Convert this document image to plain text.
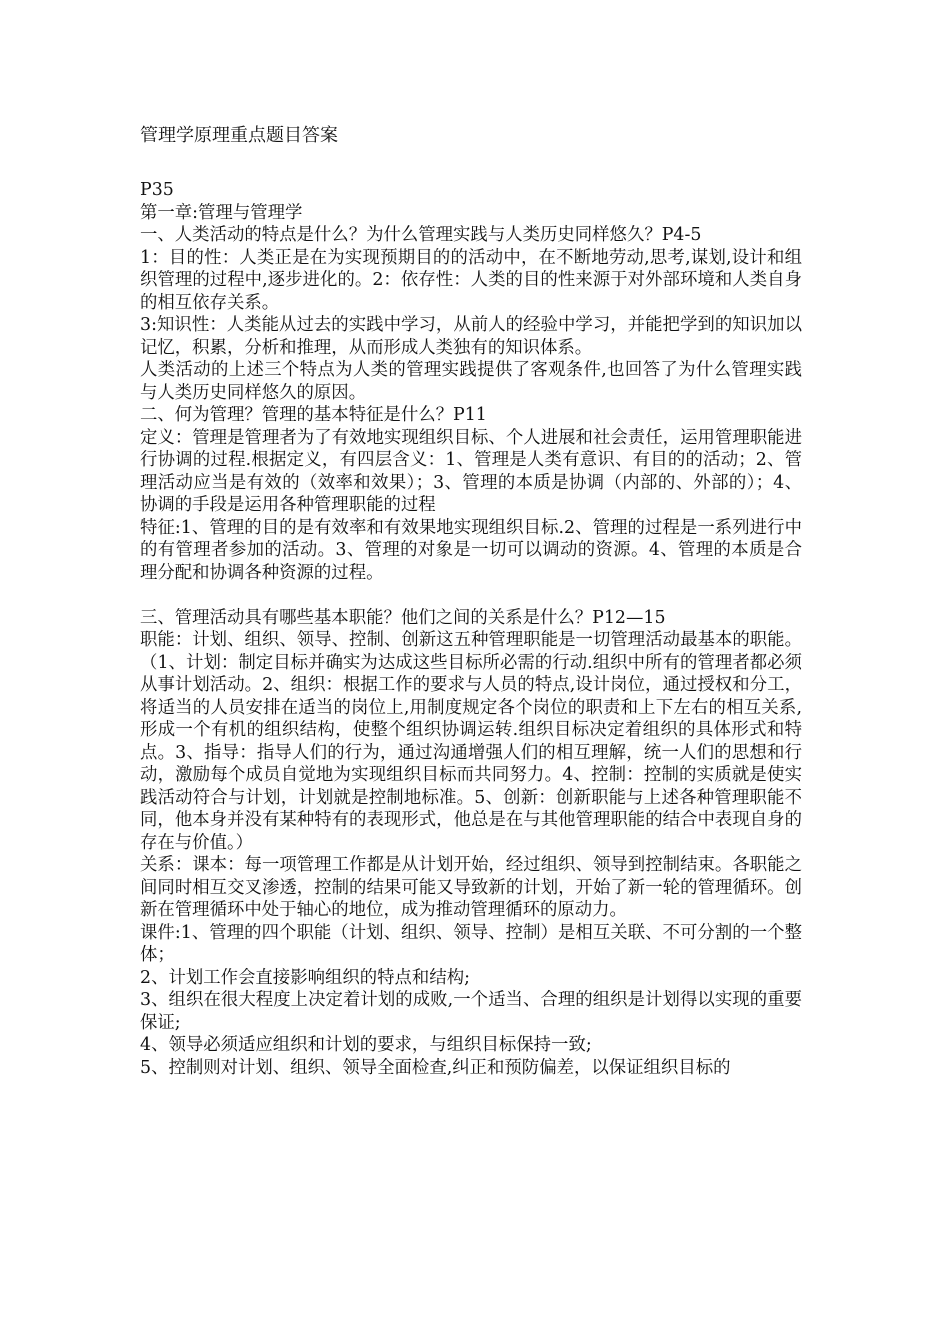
管理学原理重点题目答案

P35

第一章:管理与管理学

一、人类活动的特点是什么？为什么管理实践与人类历史同样悠久？P4-5

1：目的性：人类正是在为实现预期目的的活动中，在不断地劳动,思考,谋划,设计和组织管理的过程中,逐步进化的。2：依存性：人类的目的性来源于对外部环境和人类自身的相互依存关系。

3:知识性：人类能从过去的实践中学习，从前人的经验中学习，并能把学到的知识加以记忆，积累，分析和推理，从而形成人类独有的知识体系。

人类活动的上述三个特点为人类的管理实践提供了客观条件,也回答了为什么管理实践与人类历史同样悠久的原因。

二、何为管理？管理的基本特征是什么？P11

定义：管理是管理者为了有效地实现组织目标、个人进展和社会责任，运用管理职能进行协调的过程.根据定义，有四层含义：1、管理是人类有意识、有目的的活动；2、管理活动应当是有效的（效率和效果）；3、管理的本质是协调（内部的、外部的）；4、协调的手段是运用各种管理职能的过程

特征:1、管理的目的是有效率和有效果地实现组织目标.2、管理的过程是一系列进行中的有管理者参加的活动。3、管理的对象是一切可以调动的资源。4、管理的本质是合理分配和协调各种资源的过程。

三、管理活动具有哪些基本职能？他们之间的关系是什么？P12—15

职能：计划、组织、领导、控制、创新这五种管理职能是一切管理活动最基本的职能。（1、计划：制定目标并确实为达成这些目标所必需的行动.组织中所有的管理者都必须从事计划活动。2、组织：根据工作的要求与人员的特点,设计岗位，通过授权和分工，将适当的人员安排在适当的岗位上,用制度规定各个岗位的职责和上下左右的相互关系,形成一个有机的组织结构，使整个组织协调运转.组织目标决定着组织的具体形式和特点。3、指导：指导人们的行为，通过沟通增强人们的相互理解，统一人们的思想和行动，激励每个成员自觉地为实现组织目标而共同努力。4、控制：控制的实质就是使实践活动符合与计划，计划就是控制地标准。5、创新：创新职能与上述各种管理职能不同，他本身并没有某种特有的表现形式，他总是在与其他管理职能的结合中表现自身的存在与价值。）

关系：课本：每一项管理工作都是从计划开始，经过组织、领导到控制结束。各职能之间同时相互交叉渗透，控制的结果可能又导致新的计划，开始了新一轮的管理循环。创新在管理循环中处于轴心的地位，成为推动管理循环的原动力。

课件:1、管理的四个职能（计划、组织、领导、控制）是相互关联、不可分割的一个整体；

2、计划工作会直接影响组织的特点和结构;

3、组织在很大程度上决定着计划的成败,一个适当、合理的组织是计划得以实现的重要保证;

4、领导必须适应组织和计划的要求，与组织目标保持一致;

5、控制则对计划、组织、领导全面检查,纠正和预防偏差，以保证组织目标的
